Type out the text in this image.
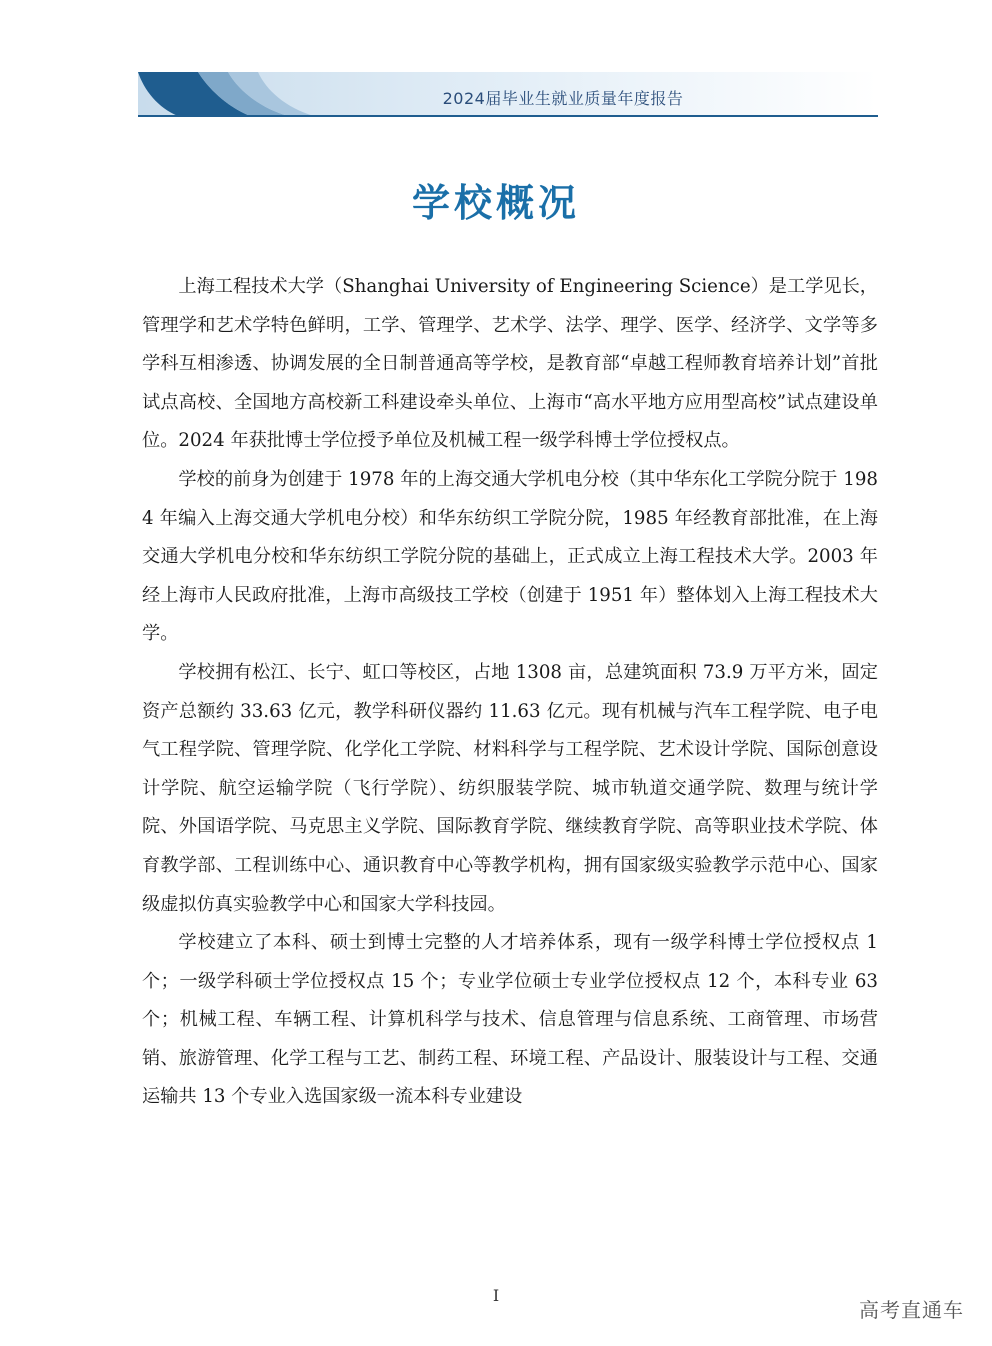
2024届毕业生就业质量年度报告
学校概况

上海工程技术大学（Shanghai University of Engineering Science）是工学见长，管理学和艺术学特色鲜明，工学、管理学、艺术学、法学、理学、医学、经济学、文学等多学科互相渗透、协调发展的全日制普通高等学校，是教育部“卓越工程师教育培养计划”首批试点高校、全国地方高校新工科建设牵头单位、上海市“高水平地方应用型高校”试点建设单位。2024 年获批博士学位授予单位及机械工程一级学科博士学位授权点。

学校的前身为创建于 1978 年的上海交通大学机电分校（其中华东化工学院分院于 1984 年编入上海交通大学机电分校）和华东纺织工学院分院，1985 年经教育部批准，在上海交通大学机电分校和华东纺织工学院分院的基础上，正式成立上海工程技术大学。2003 年经上海市人民政府批准，上海市高级技工学校（创建于 1951 年）整体划入上海工程技术大学。

学校拥有松江、长宁、虹口等校区，占地 1308 亩，总建筑面积 73.9 万平方米，固定资产总额约 33.63 亿元，教学科研仪器约 11.63 亿元。现有机械与汽车工程学院、电子电气工程学院、管理学院、化学化工学院、材料科学与工程学院、艺术设计学院、国际创意设计学院、航空运输学院（飞行学院）、纺织服装学院、城市轨道交通学院、数理与统计学院、外国语学院、马克思主义学院、国际教育学院、继续教育学院、高等职业技术学院、体育教学部、工程训练中心、通识教育中心等教学机构，拥有国家级实验教学示范中心、国家级虚拟仿真实验教学中心和国家大学科技园。

学校建立了本科、硕士到博士完整的人才培养体系，现有一级学科博士学位授权点 1 个；一级学科硕士学位授权点 15 个；专业学位硕士专业学位授权点 12 个，本科专业 63 个；机械工程、车辆工程、计算机科学与技术、信息管理与信息系统、工商管理、市场营销、旅游管理、化学工程与工艺、制药工程、环境工程、产品设计、服装设计与工程、交通运输共 13 个专业入选国家级一流本科专业建设

I
高考直通车
